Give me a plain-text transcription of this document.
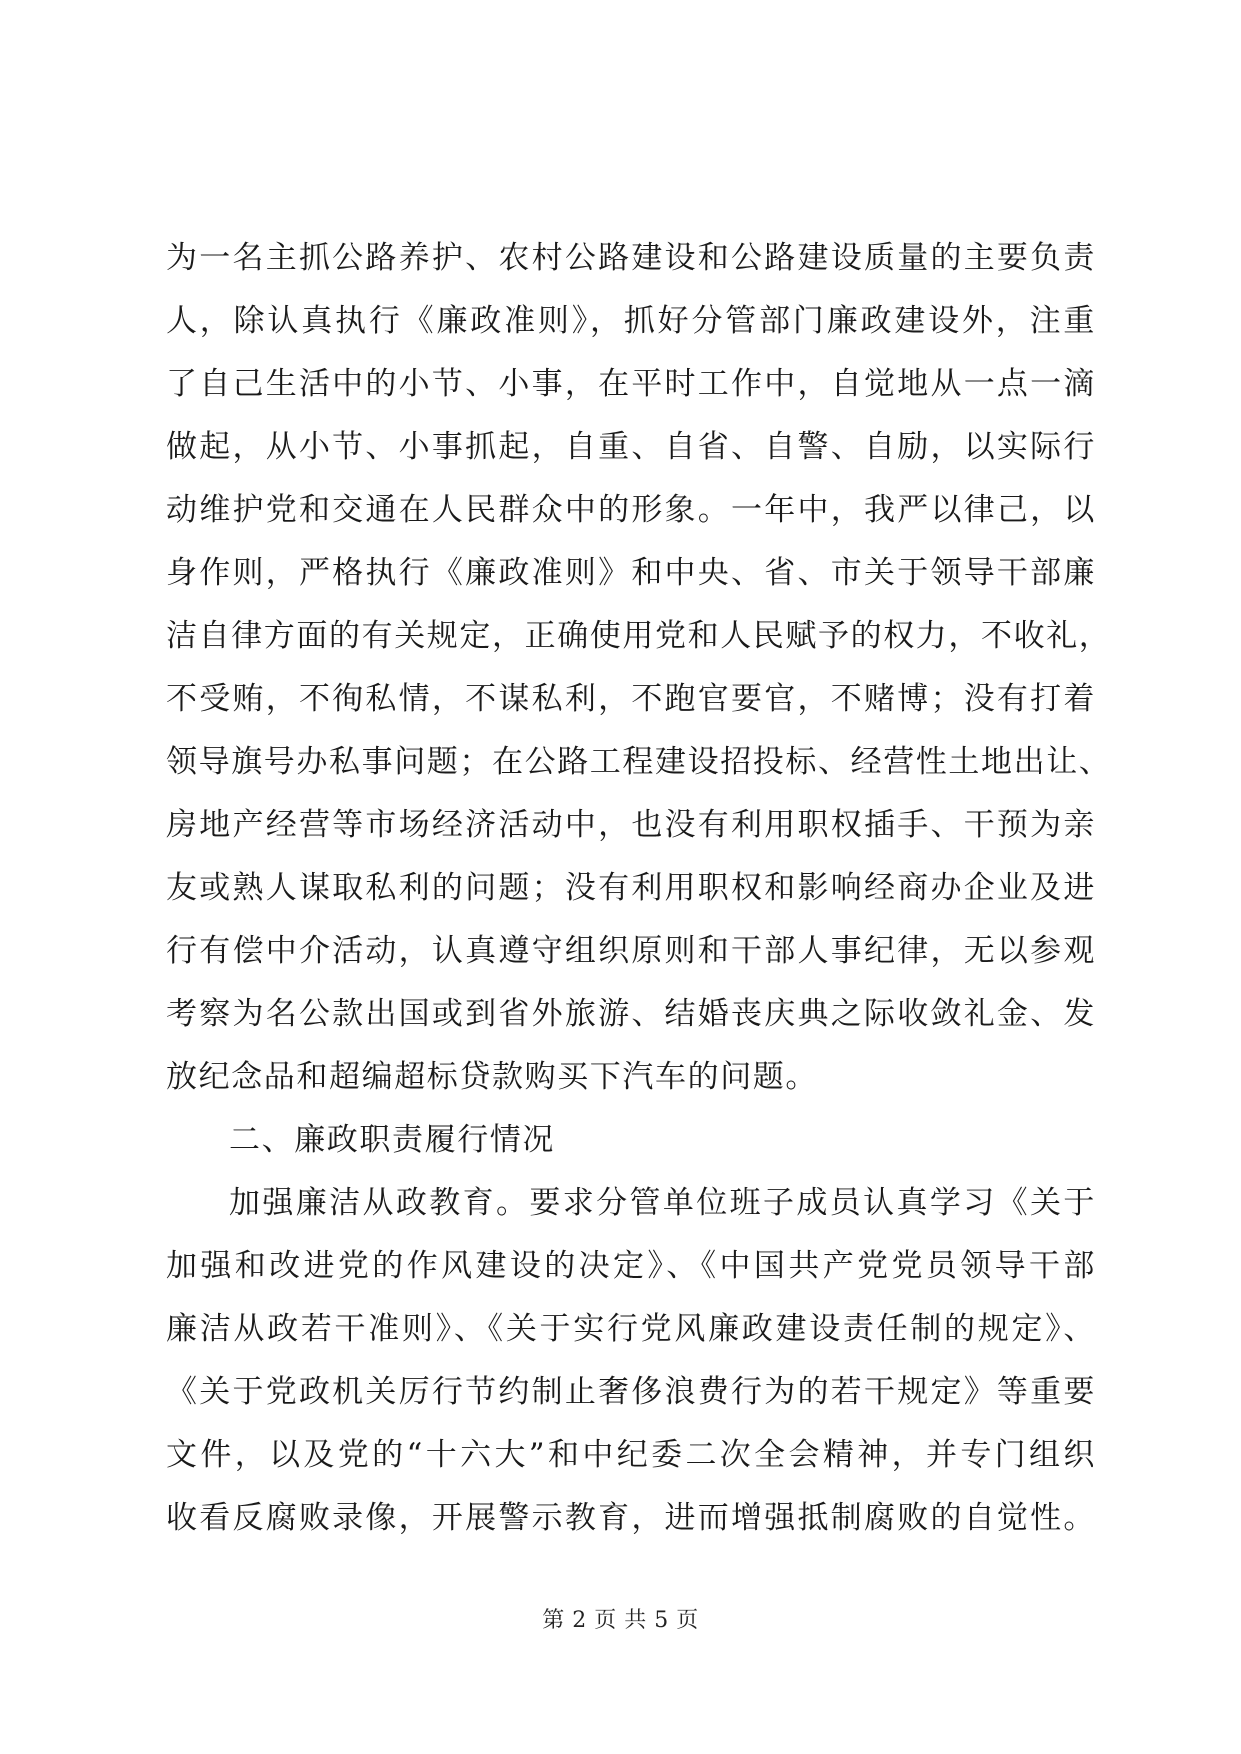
为一名主抓公路养护、农村公路建设和公路建设质量的主要负责
人，除认真执行《廉政准则》，抓好分管部门廉政建设外，注重
了自己生活中的小节、小事，在平时工作中，自觉地从一点一滴
做起，从小节、小事抓起，自重、自省、自警、自励，以实际行
动维护党和交通在人民群众中的形象。一年中，我严以律己，以
身作则，严格执行《廉政准则》和中央、省、市关于领导干部廉
洁自律方面的有关规定，正确使用党和人民赋予的权力，不收礼，
不受贿，不徇私情，不谋私利，不跑官要官，不赌博；没有打着
领导旗号办私事问题；在公路工程建设招投标、经营性土地出让、
房地产经营等市场经济活动中，也没有利用职权插手、干预为亲
友或熟人谋取私利的问题；没有利用职权和影响经商办企业及进
行有偿中介活动，认真遵守组织原则和干部人事纪律，无以参观
考察为名公款出国或到省外旅游、结婚丧庆典之际收敛礼金、发
放纪念品和超编超标贷款购买下汽车的问题。
二、廉政职责履行情况
加强廉洁从政教育。要求分管单位班子成员认真学习《关于
加强和改进党的作风建设的决定》、《中国共产党党员领导干部
廉洁从政若干准则》、《关于实行党风廉政建设责任制的规定》、
《关于党政机关厉行节约制止奢侈浪费行为的若干规定》等重要
文件，以及党的“十六大”和中纪委二次全会精神，并专门组织
收看反腐败录像，开展警示教育，进而增强抵制腐败的自觉性。
第 2 页 共 5 页
